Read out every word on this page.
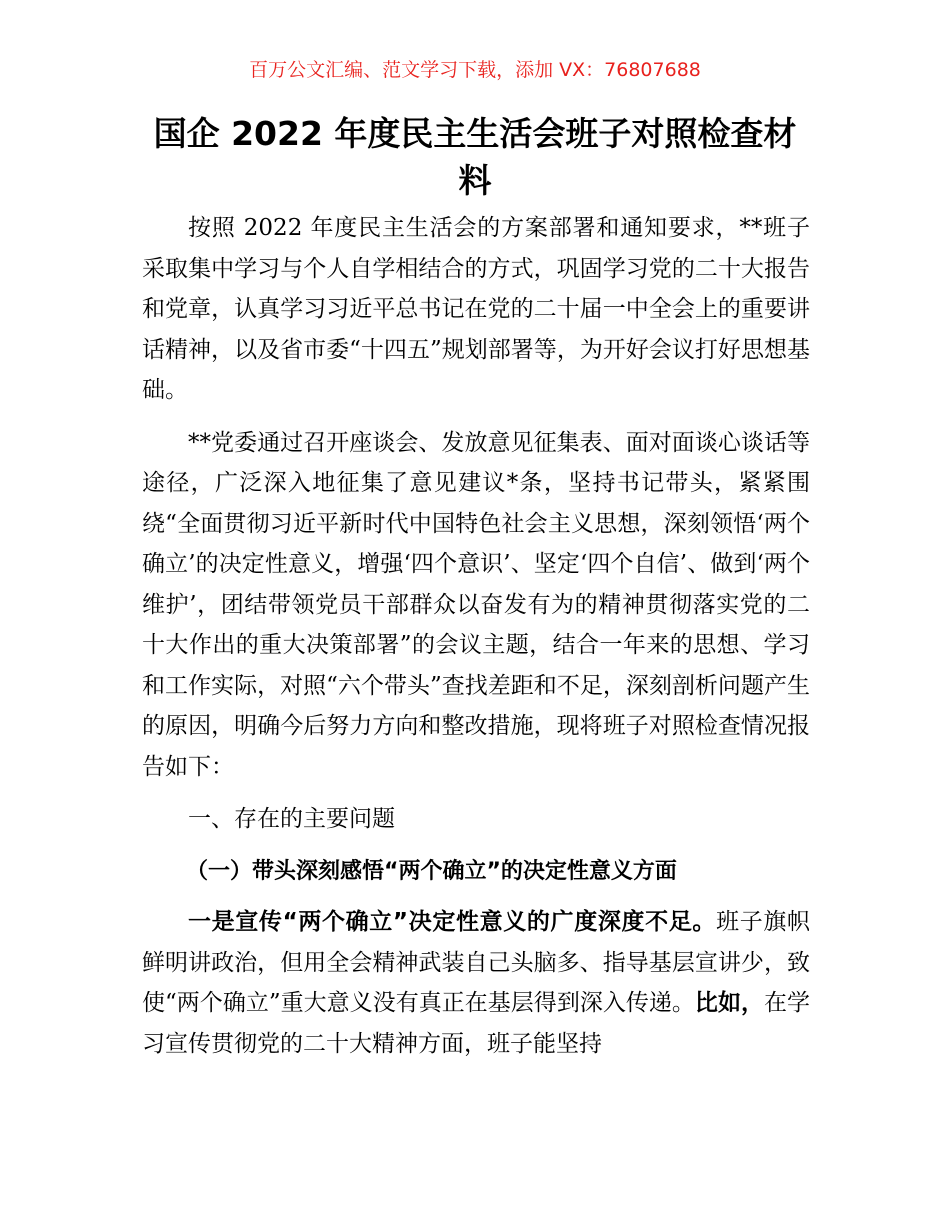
百万公文汇编、范文学习下载，添加 VX：76807688
国企 2022 年度民主生活会班子对照检查材料

按照 2022 年度民主生活会的方案部署和通知要求，**班子采取集中学习与个人自学相结合的方式，巩固学习党的二十大报告和党章，认真学习习近平总书记在党的二十届一中全会上的重要讲话精神，以及省市委“十四五”规划部署等，为开好会议打好思想基础。

**党委通过召开座谈会、发放意见征集表、面对面谈心谈话等途径，广泛深入地征集了意见建议*条，坚持书记带头，紧紧围绕“全面贯彻习近平新时代中国特色社会主义思想，深刻领悟‘两个确立’的决定性意义，增强‘四个意识’、坚定‘四个自信’、做到‘两个维护’，团结带领党员干部群众以奋发有为的精神贯彻落实党的二十大作出的重大决策部署”的会议主题，结合一年来的思想、学习和工作实际，对照“六个带头”查找差距和不足，深刻剖析问题产生的原因，明确今后努力方向和整改措施，现将班子对照检查情况报告如下：

一、存在的主要问题

（一）带头深刻感悟“两个确立”的决定性意义方面

一是宣传“两个确立”决定性意义的广度深度不足。班子旗帜鲜明讲政治，但用全会精神武装自己头脑多、指导基层宣讲少，致使“两个确立”重大意义没有真正在基层得到深入传递。比如，在学习宣传贯彻党的二十大精神方面，班子能坚持
